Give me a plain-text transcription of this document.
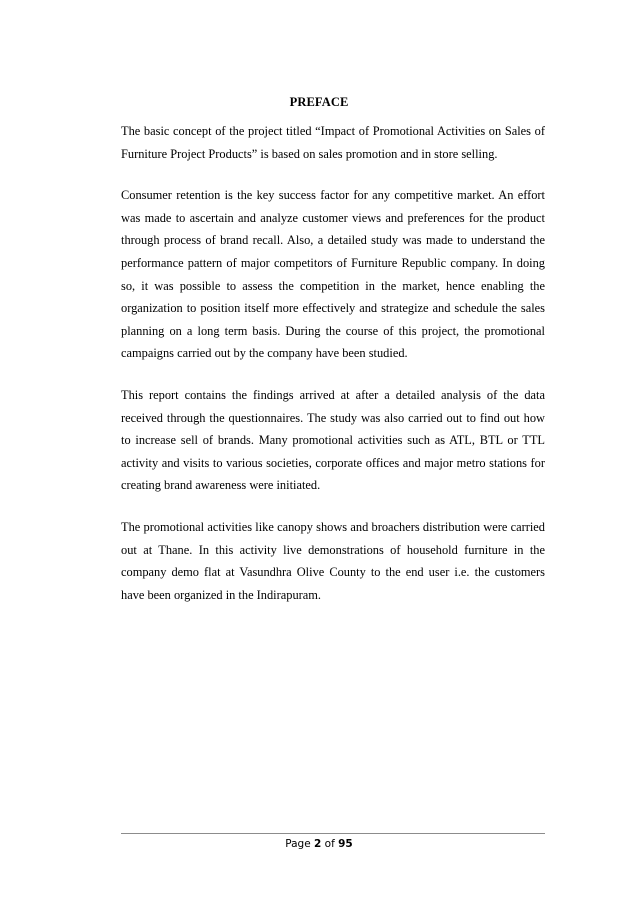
PREFACE

The basic concept of the project titled “Impact of Promotional Activities on Sales of Furniture Project Products” is based on sales promotion and in store selling.

Consumer retention is the key success factor for any competitive market. An effort was made to ascertain and analyze customer views and preferences for the product through process of brand recall. Also, a detailed study was made to understand the performance pattern of major competitors of Furniture Republic company. In doing so, it was possible to assess the competition in the market, hence enabling the organization to position itself more effectively and strategize and schedule the sales planning on a long term basis. During the course of this project, the promotional campaigns carried out by the company have been studied.

This report contains the findings arrived at after a detailed analysis of the data received through the questionnaires. The study was also carried out to find out how to increase sell of brands. Many promotional activities such as ATL, BTL or TTL activity and visits to various societies, corporate offices and major metro stations for creating brand awareness were initiated.

The promotional activities like canopy shows and broachers distribution were carried out at Thane. In this activity live demonstrations of household furniture in the company demo flat at Vasundhra Olive County to the end user i.e. the customers have been organized in the Indirapuram.

Page 2 of 95
